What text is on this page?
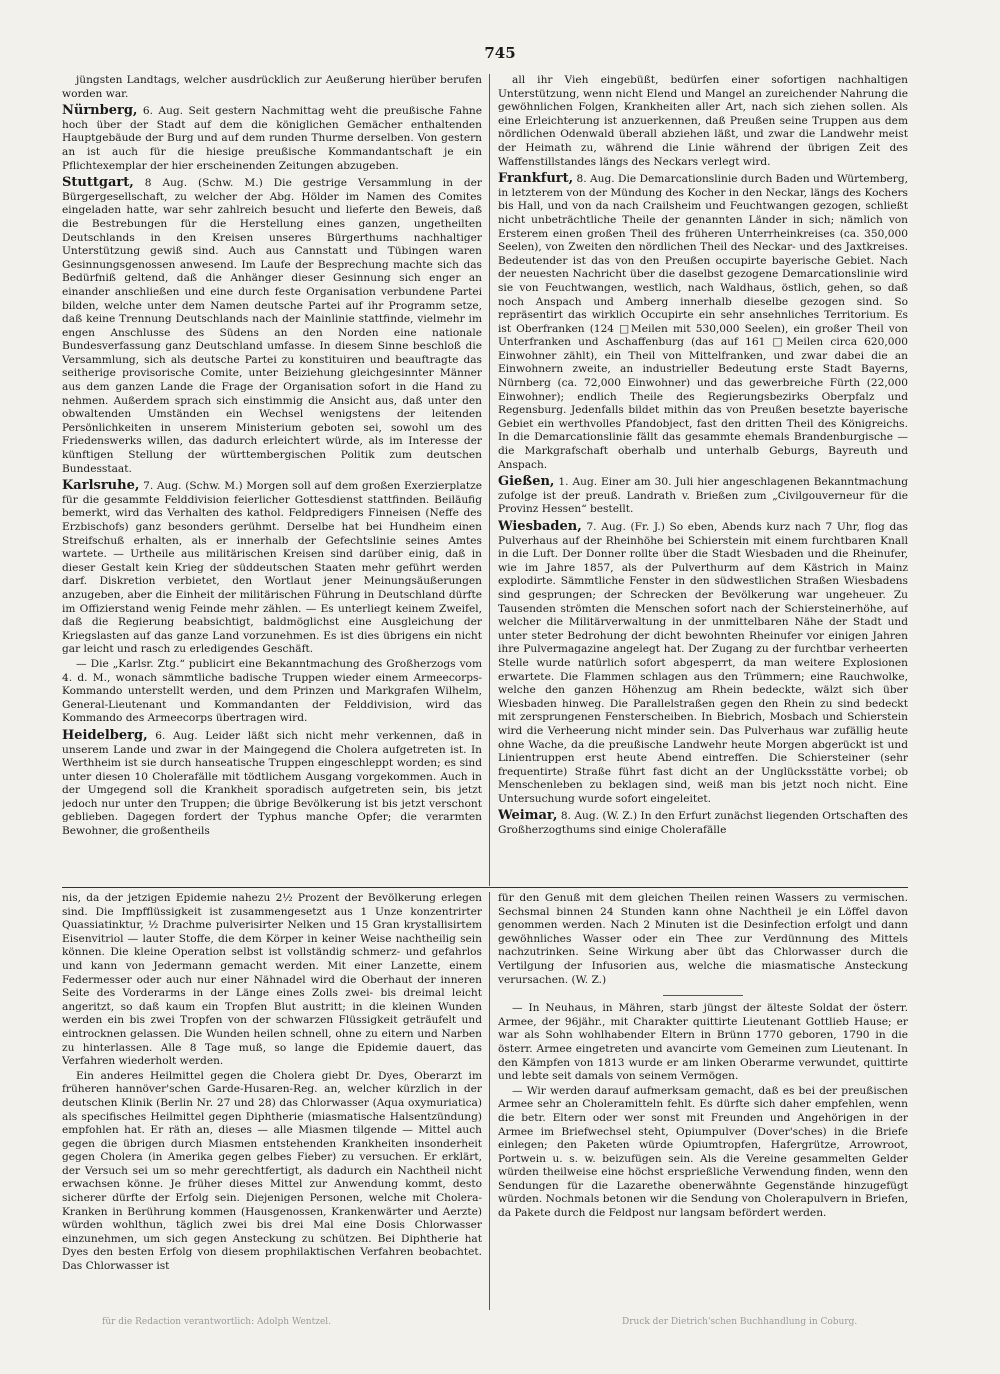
745

jüngsten Landtags, welcher ausdrücklich zur Aeußerung hierüber berufen worden war.

Nürnberg, 6. Aug. Seit gestern Nachmittag weht die preußische Fahne hoch über der Stadt auf dem die königlichen Gemächer enthaltenden Hauptgebäude der Burg und auf dem runden Thurme derselben. Von gestern an ist auch für die hiesige preußische Kommandantschaft je ein Pflichtexemplar der hier erscheinenden Zeitungen abzugeben.

Stuttgart, 8 Aug. (Schw. M.) Die gestrige Versammlung in der Bürgergesellschaft, zu welcher der Abg. Hölder im Namen des Comites eingeladen hatte, war sehr zahlreich besucht und lieferte den Beweis, daß die Bestrebungen für die Herstellung eines ganzen, ungetheilten Deutschlands in den Kreisen unseres Bürgerthums nachhaltiger Unterstützung gewiß sind. Auch aus Cannstatt und Tübingen waren Gesinnungsgenossen anwesend. Im Laufe der Besprechung machte sich das Bedürfniß geltend, daß die Anhänger dieser Gesinnung sich enger an einander anschließen und eine durch feste Organisation verbundene Partei bilden, welche unter dem Namen deutsche Partei auf ihr Programm setze, daß keine Trennung Deutschlands nach der Mainlinie stattfinde, vielmehr im engen Anschlusse des Südens an den Norden eine nationale Bundesverfassung ganz Deutschland umfasse. In diesem Sinne beschloß die Versammlung, sich als deutsche Partei zu konstituiren und beauftragte das seitherige provisorische Comite, unter Beiziehung gleichgesinnter Männer aus dem ganzen Lande die Frage der Organisation sofort in die Hand zu nehmen. Außerdem sprach sich einstimmig die Ansicht aus, daß unter den obwaltenden Umständen ein Wechsel wenigstens der leitenden Persönlichkeiten in unserem Ministerium geboten sei, sowohl um des Friedenswerks willen, das dadurch erleichtert würde, als im Interesse der künftigen Stellung der württembergischen Politik zum deutschen Bundesstaat.

Karlsruhe, 7. Aug. (Schw. M.) Morgen soll auf dem großen Exerzierplatze für die gesammte Felddivision feierlicher Gottesdienst stattfinden. Beiläufig bemerkt, wird das Verhalten des kathol. Feldpredigers Finneisen (Neffe des Erzbischofs) ganz besonders gerühmt. Derselbe hat bei Hundheim einen Streifschuß erhalten, als er innerhalb der Gefechtslinie seines Amtes wartete. — Urtheile aus militärischen Kreisen sind darüber einig, daß in dieser Gestalt kein Krieg der süddeutschen Staaten mehr geführt werden darf. Diskretion verbietet, den Wortlaut jener Meinungsäußerungen anzugeben, aber die Einheit der militärischen Führung in Deutschland dürfte im Offizierstand wenig Feinde mehr zählen. — Es unterliegt keinem Zweifel, daß die Regierung beabsichtigt, baldmöglichst eine Ausgleichung der Kriegslasten auf das ganze Land vorzunehmen. Es ist dies übrigens ein nicht gar leicht und rasch zu erledigendes Geschäft.

— Die „Karlsr. Ztg.“ publicirt eine Bekanntmachung des Großherzogs vom 4. d. M., wonach sämmtliche badische Truppen wieder einem Armeecorps-Kommando unterstellt werden, und dem Prinzen und Markgrafen Wilhelm, General-Lieutenant und Kommandanten der Felddivision, wird das Kommando des Armeecorps übertragen wird.

Heidelberg, 6. Aug. Leider läßt sich nicht mehr verkennen, daß in unserem Lande und zwar in der Maingegend die Cholera aufgetreten ist. In Werthheim ist sie durch hanseatische Truppen eingeschleppt worden; es sind unter diesen 10 Cholerafälle mit tödtlichem Ausgang vorgekommen. Auch in der Umgegend soll die Krankheit sporadisch aufgetreten sein, bis jetzt jedoch nur unter den Truppen; die übrige Bevölkerung ist bis jetzt verschont geblieben. Dagegen fordert der Typhus manche Opfer; die verarmten Bewohner, die großentheils

all ihr Vieh eingebüßt, bedürfen einer sofortigen nachhaltigen Unterstützung, wenn nicht Elend und Mangel an zureichender Nahrung die gewöhnlichen Folgen, Krankheiten aller Art, nach sich ziehen sollen. Als eine Erleichterung ist anzuerkennen, daß Preußen seine Truppen aus dem nördlichen Odenwald überall abziehen läßt, und zwar die Landwehr meist der Heimath zu, während die Linie während der übrigen Zeit des Waffenstillstandes längs des Neckars verlegt wird.

Frankfurt, 8. Aug. Die Demarcationslinie durch Baden und Würtemberg, in letzterem von der Mündung des Kocher in den Neckar, längs des Kochers bis Hall, und von da nach Crailsheim und Feuchtwangen gezogen, schließt nicht unbeträchtliche Theile der genannten Länder in sich; nämlich von Ersterem einen großen Theil des früheren Unterrheinkreises (ca. 350,000 Seelen), von Zweiten den nördlichen Theil des Neckar- und des Jaxtkreises. Bedeutender ist das von den Preußen occupirte bayerische Gebiet. Nach der neuesten Nachricht über die daselbst gezogene Demarcationslinie wird sie von Feuchtwangen, westlich, nach Waldhaus, östlich, gehen, so daß noch Anspach und Amberg innerhalb dieselbe gezogen sind. So repräsentirt das wirklich Occupirte ein sehr ansehnliches Territorium. Es ist Oberfranken (124 □Meilen mit 530,000 Seelen), ein großer Theil von Unterfranken und Aschaffenburg (das auf 161 □Meilen circa 620,000 Einwohner zählt), ein Theil von Mittelfranken, und zwar dabei die an Einwohnern zweite, an industrieller Bedeutung erste Stadt Bayerns, Nürnberg (ca. 72,000 Einwohner) und das gewerbreiche Fürth (22,000 Einwohner); endlich Theile des Regierungsbezirks Oberpfalz und Regensburg. Jedenfalls bildet mithin das von Preußen besetzte bayerische Gebiet ein werthvolles Pfandobject, fast den dritten Theil des Königreichs. In die Demarcationslinie fällt das gesammte ehemals Brandenburgische — die Markgrafschaft oberhalb und unterhalb Geburgs, Bayreuth und Anspach.

Gießen, 1. Aug. Einer am 30. Juli hier angeschlagenen Bekanntmachung zufolge ist der preuß. Landrath v. Brießen zum „Civilgouverneur für die Provinz Hessen“ bestellt.

Wiesbaden, 7. Aug. (Fr. J.) So eben, Abends kurz nach 7 Uhr, flog das Pulverhaus auf der Rheinhöhe bei Schierstein mit einem furchtbaren Knall in die Luft. Der Donner rollte über die Stadt Wiesbaden und die Rheinufer, wie im Jahre 1857, als der Pulverthurm auf dem Kästrich in Mainz explodirte. Sämmtliche Fenster in den südwestlichen Straßen Wiesbadens sind gesprungen; der Schrecken der Bevölkerung war ungeheuer. Zu Tausenden strömten die Menschen sofort nach der Schiersteinerhöhe, auf welcher die Militärverwaltung in der unmittelbaren Nähe der Stadt und unter steter Bedrohung der dicht bewohnten Rheinufer vor einigen Jahren ihre Pulvermagazine angelegt hat. Der Zugang zu der furchtbar verheerten Stelle wurde natürlich sofort abgesperrt, da man weitere Explosionen erwartete. Die Flammen schlagen aus den Trümmern; eine Rauchwolke, welche den ganzen Höhenzug am Rhein bedeckte, wälzt sich über Wiesbaden hinweg. Die Parallelstraßen gegen den Rhein zu sind bedeckt mit zersprungenen Fensterscheiben. In Biebrich, Mosbach und Schierstein wird die Verheerung nicht minder sein. Das Pulverhaus war zufällig heute ohne Wache, da die preußische Landwehr heute Morgen abgerückt ist und Linientruppen erst heute Abend eintreffen. Die Schiersteiner (sehr frequentirte) Straße führt fast dicht an der Unglücksstätte vorbei; ob Menschenleben zu beklagen sind, weiß man bis jetzt noch nicht. Eine Untersuchung wurde sofort eingeleitet.

Weimar, 8. Aug. (W. Z.) In den Erfurt zunächst liegenden Ortschaften des Großherzogthums sind einige Cholerafälle

nis, da der jetzigen Epidemie nahezu 2½ Prozent der Bevölkerung erlegen sind. Die Impfflüssigkeit ist zusammengesetzt aus 1 Unze konzentrirter Quassiatinktur, ½ Drachme pulverisirter Nelken und 15 Gran krystallisirtem Eisenvitriol — lauter Stoffe, die dem Körper in keiner Weise nachtheilig sein können. Die kleine Operation selbst ist vollständig schmerz- und gefahrlos und kann von Jedermann gemacht werden. Mit einer Lanzette, einem Federmesser oder auch nur einer Nähnadel wird die Oberhaut der inneren Seite des Vorderarms in der Länge eines Zolls zwei- bis dreimal leicht angeritzt, so daß kaum ein Tropfen Blut austritt; in die kleinen Wunden werden ein bis zwei Tropfen von der schwarzen Flüssigkeit geträufelt und eintrocknen gelassen. Die Wunden heilen schnell, ohne zu eitern und Narben zu hinterlassen. Alle 8 Tage muß, so lange die Epidemie dauert, das Verfahren wiederholt werden.

Ein anderes Heilmittel gegen die Cholera giebt Dr. Dyes, Oberarzt im früheren hannöver'schen Garde-Husaren-Reg. an, welcher kürzlich in der deutschen Klinik (Berlin Nr. 27 und 28) das Chlorwasser (Aqua oxymuriatica) als specifisches Heilmittel gegen Diphtherie (miasmatische Halsentzündung) empfohlen hat. Er räth an, dieses — alle Miasmen tilgende — Mittel auch gegen die übrigen durch Miasmen entstehenden Krankheiten insonderheit gegen Cholera (in Amerika gegen gelbes Fieber) zu versuchen. Er erklärt, der Versuch sei um so mehr gerechtfertigt, als dadurch ein Nachtheil nicht erwachsen könne. Je früher dieses Mittel zur Anwendung kommt, desto sicherer dürfte der Erfolg sein. Diejenigen Personen, welche mit Cholera-Kranken in Berührung kommen (Hausgenossen, Krankenwärter und Aerzte) würden wohlthun, täglich zwei bis drei Mal eine Dosis Chlorwasser einzunehmen, um sich gegen Ansteckung zu schützen. Bei Diphtherie hat Dyes den besten Erfolg von diesem prophilaktischen Verfahren beobachtet. Das Chlorwasser ist

für den Genuß mit dem gleichen Theilen reinen Wassers zu vermischen. Sechsmal binnen 24 Stunden kann ohne Nachtheil je ein Löffel davon genommen werden. Nach 2 Minuten ist die Desinfection erfolgt und dann gewöhnliches Wasser oder ein Thee zur Verdünnung des Mittels nachzutrinken. Seine Wirkung aber übt das Chlorwasser durch die Vertilgung der Infusorien aus, welche die miasmatische Ansteckung verursachen. (W. Z.)

— In Neuhaus, in Mähren, starb jüngst der älteste Soldat der österr. Armee, der 96jähr., mit Charakter quittirte Lieutenant Gottlieb Hause; er war als Sohn wohlhabender Eltern in Brünn 1770 geboren, 1790 in die österr. Armee eingetreten und avancirte vom Gemeinen zum Lieutenant. In den Kämpfen von 1813 wurde er am linken Oberarme verwundet, quittirte und lebte seit damals von seinem Vermögen.

— Wir werden darauf aufmerksam gemacht, daß es bei der preußischen Armee sehr an Choleramitteln fehlt. Es dürfte sich daher empfehlen, wenn die betr. Eltern oder wer sonst mit Freunden und Angehörigen in der Armee im Briefwechsel steht, Opiumpulver (Dover'sches) in die Briefe einlegen; den Paketen würde Opiumtropfen, Hafergrütze, Arrowroot, Portwein u. s. w. beizufügen sein. Als die Vereine gesammelten Gelder würden theilweise eine höchst ersprießliche Verwendung finden, wenn den Sendungen für die Lazarethe obenerwähnte Gegenstände hinzugefügt würden. Nochmals betonen wir die Sendung von Cholerapulvern in Briefen, da Pakete durch die Feldpost nur langsam befördert werden.

für die Redaction verantwortlich: Adolph Wentzel.	Druck der Dietrich'schen Buchhandlung in Coburg.
